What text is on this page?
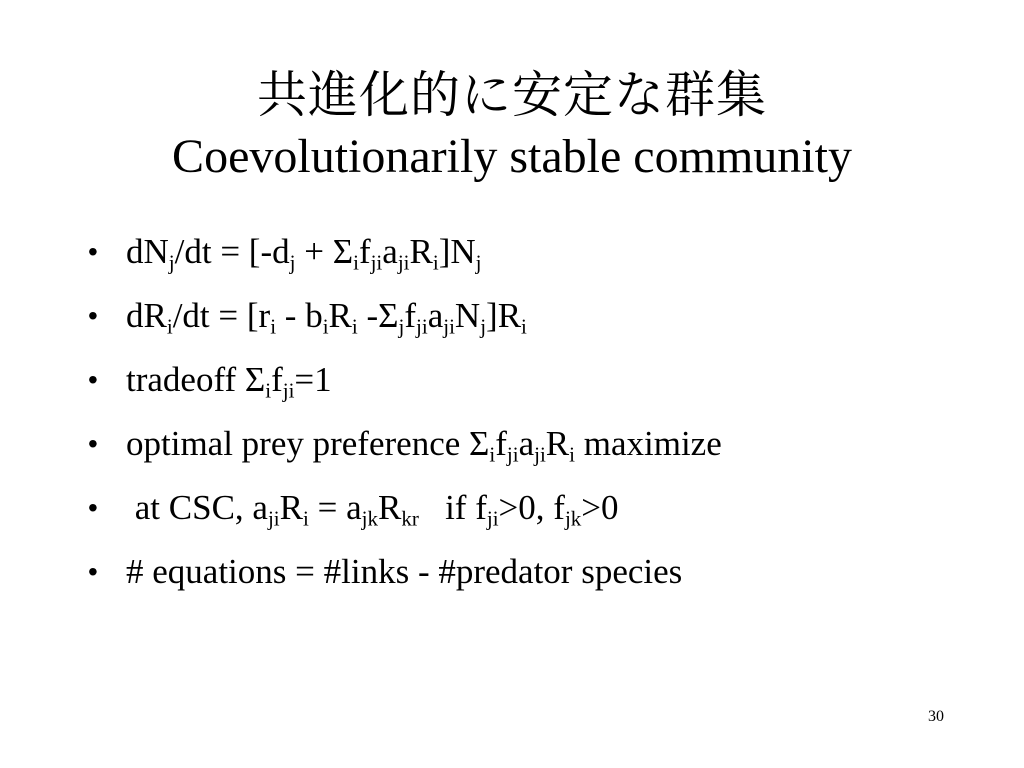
共進化的に安定な群集
Coevolutionarily stable community
• $dN_j/dt = [-d_j + \Sigma_if_{ji}a_{ji}R_i]N_j$
• $dR_i/dt = [r_i - b_iR_i$ $-\Sigma_jf_{ji}a_{ji}N_j]R_i$
• tradeoff $\Sigma_if_{ji}=1$
• optimal prey preference $\Sigma_if_{ji}a_{ji}R_i$ maximize
• at CSC, $a_{ji}R_i = a_{jk}R_{kr}$   if $f_{ji}>0$, $f_{jk}>0$
• # equations = #links - #predator species
30
